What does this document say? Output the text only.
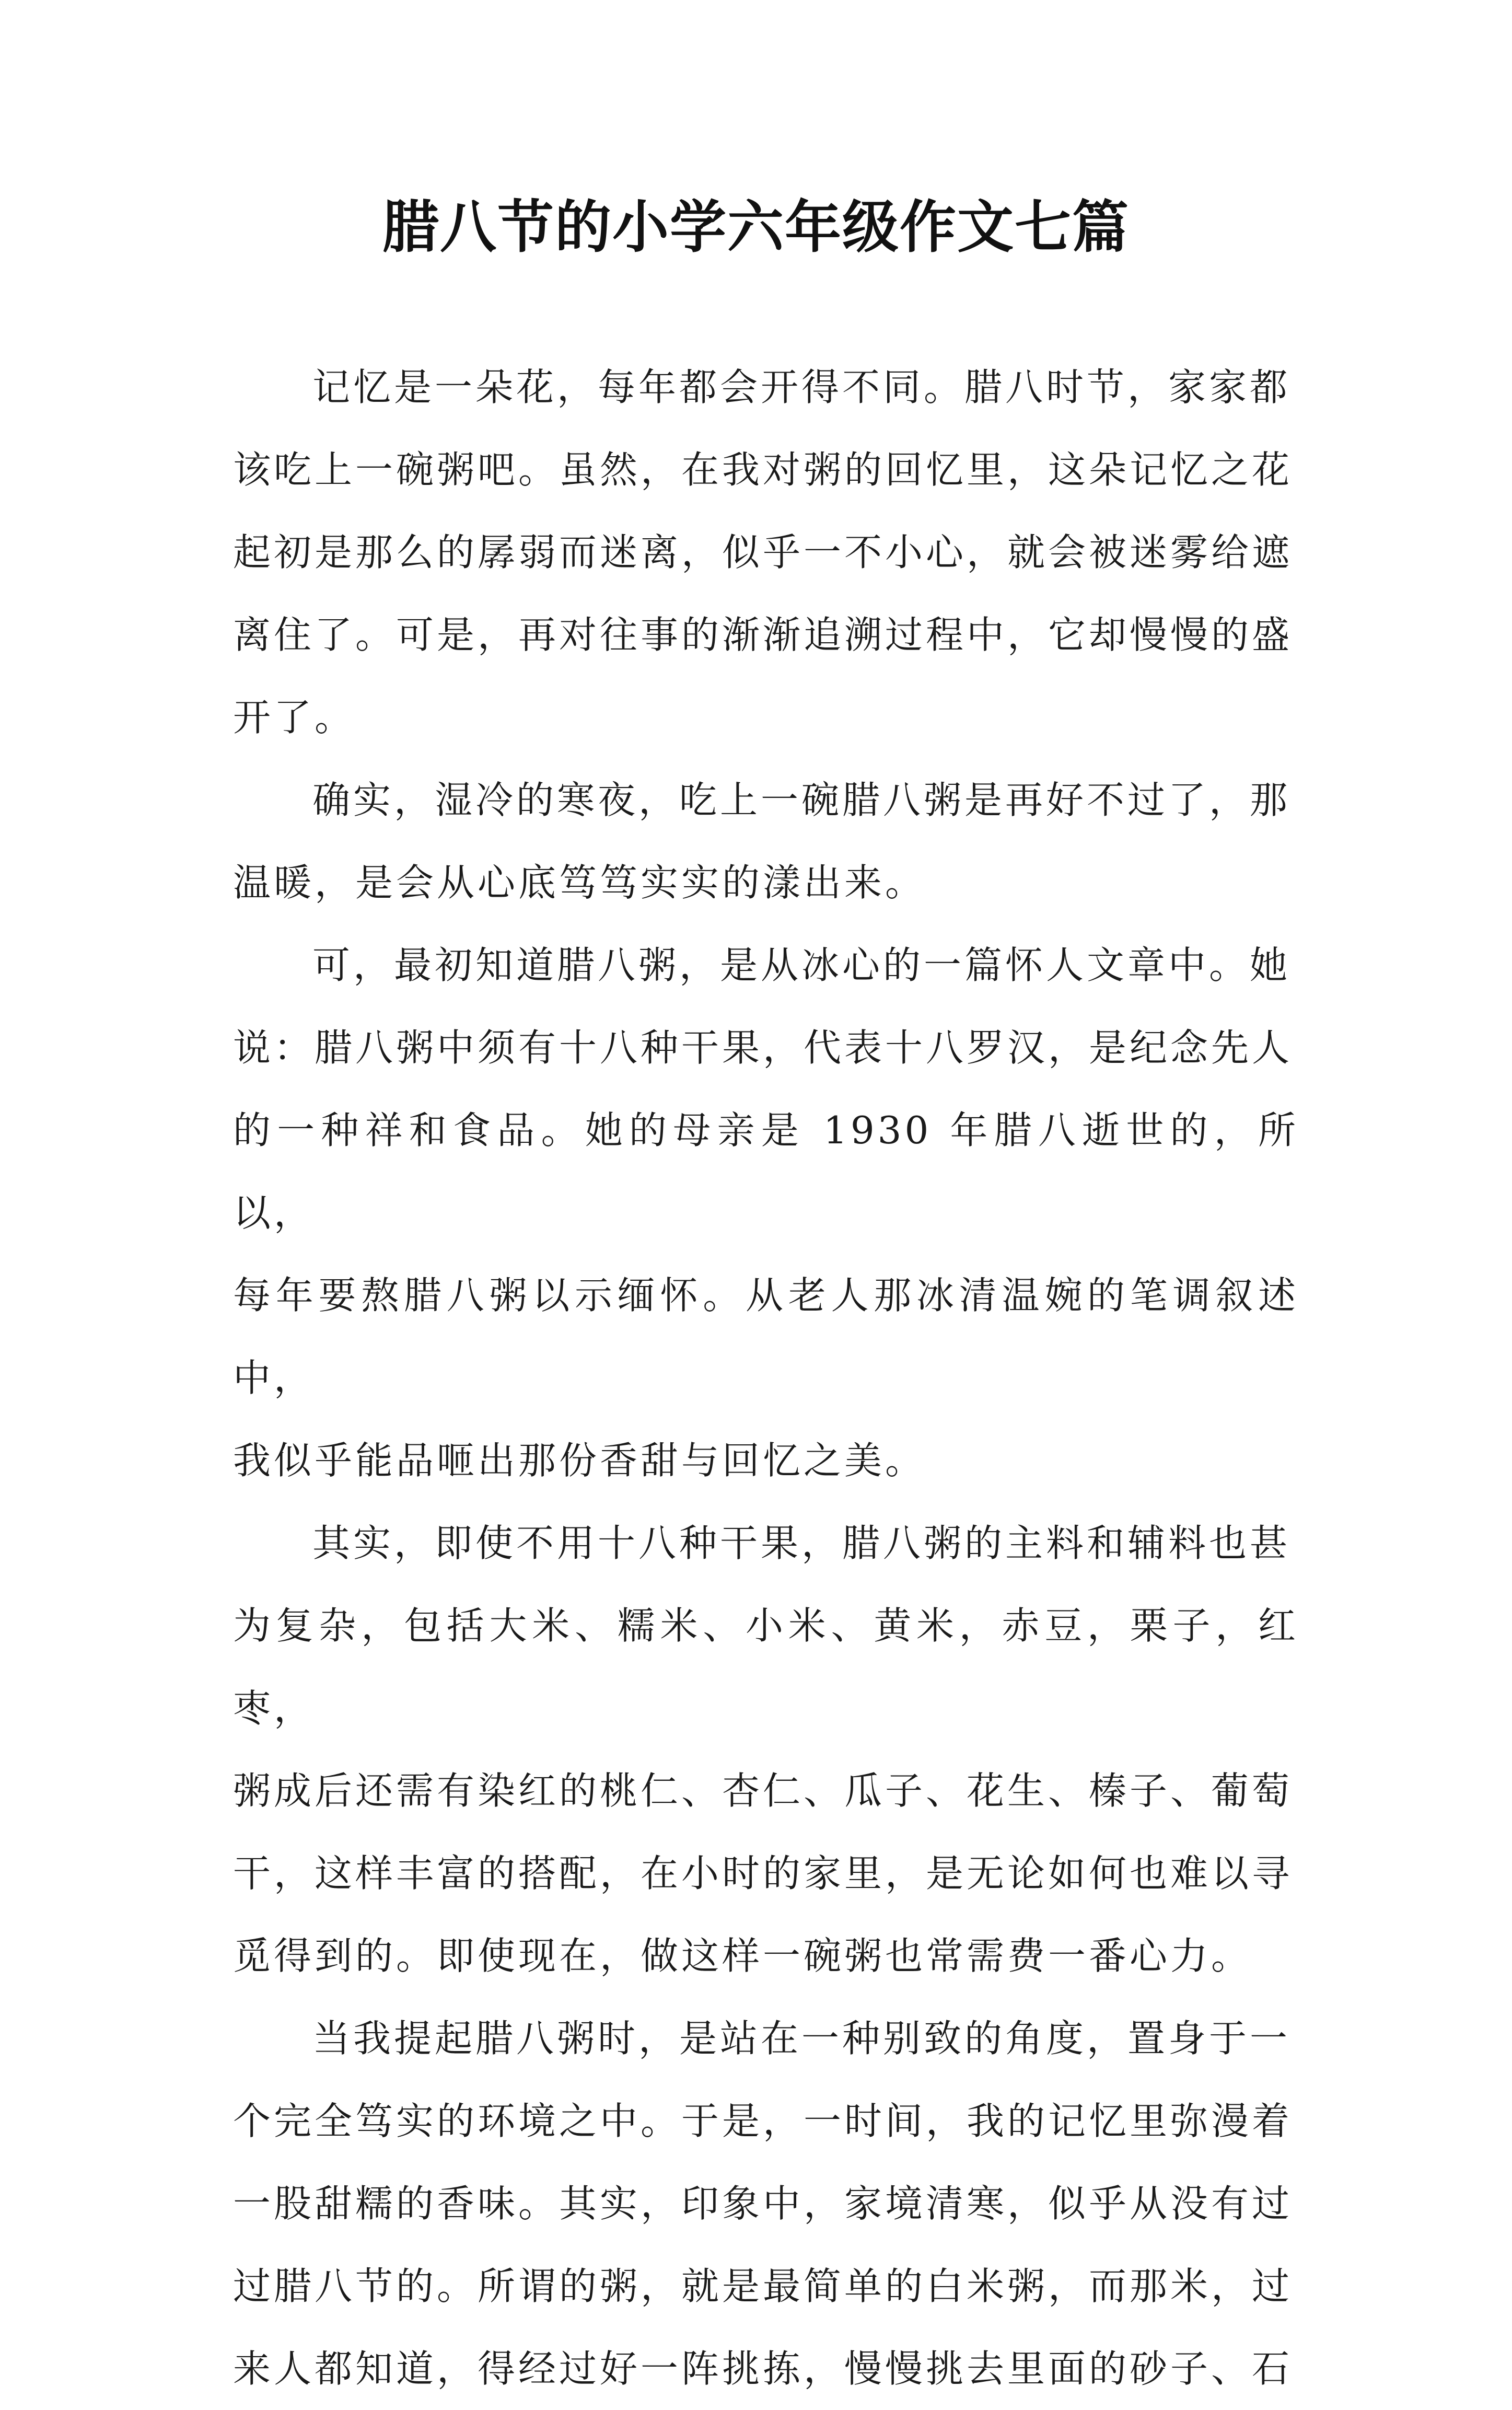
腊八节的小学六年级作文七篇

记忆是一朵花，每年都会开得不同。腊八时节，家家都
该吃上一碗粥吧。虽然，在我对粥的回忆里，这朵记忆之花
起初是那么的孱弱而迷离，似乎一不小心，就会被迷雾给遮
离住了。可是，再对往事的渐渐追溯过程中，它却慢慢的盛
开了。

确实，湿冷的寒夜，吃上一碗腊八粥是再好不过了，那
温暖，是会从心底笃笃实实的漾出来。

可，最初知道腊八粥，是从冰心的一篇怀人文章中。她
说：腊八粥中须有十八种干果，代表十八罗汉，是纪念先人
的一种祥和食品。她的母亲是 1930 年腊八逝世的，所以，
每年要熬腊八粥以示缅怀。从老人那冰清温婉的笔调叙述中，
我似乎能品咂出那份香甜与回忆之美。

其实，即使不用十八种干果，腊八粥的主料和辅料也甚
为复杂，包括大米、糯米、小米、黄米，赤豆，栗子，红枣，
粥成后还需有染红的桃仁、杏仁、瓜子、花生、榛子、葡萄
干，这样丰富的搭配，在小时的家里，是无论如何也难以寻
觅得到的。即使现在，做这样一碗粥也常需费一番心力。

当我提起腊八粥时，是站在一种别致的角度，置身于一
个完全笃实的环境之中。于是，一时间，我的记忆里弥漫着
一股甜糯的香味。其实，印象中，家境清寒，似乎从没有过
过腊八节的。所谓的粥，就是最简单的白米粥，而那米，过
来人都知道，得经过好一阵挑拣，慢慢挑去里面的砂子、石
